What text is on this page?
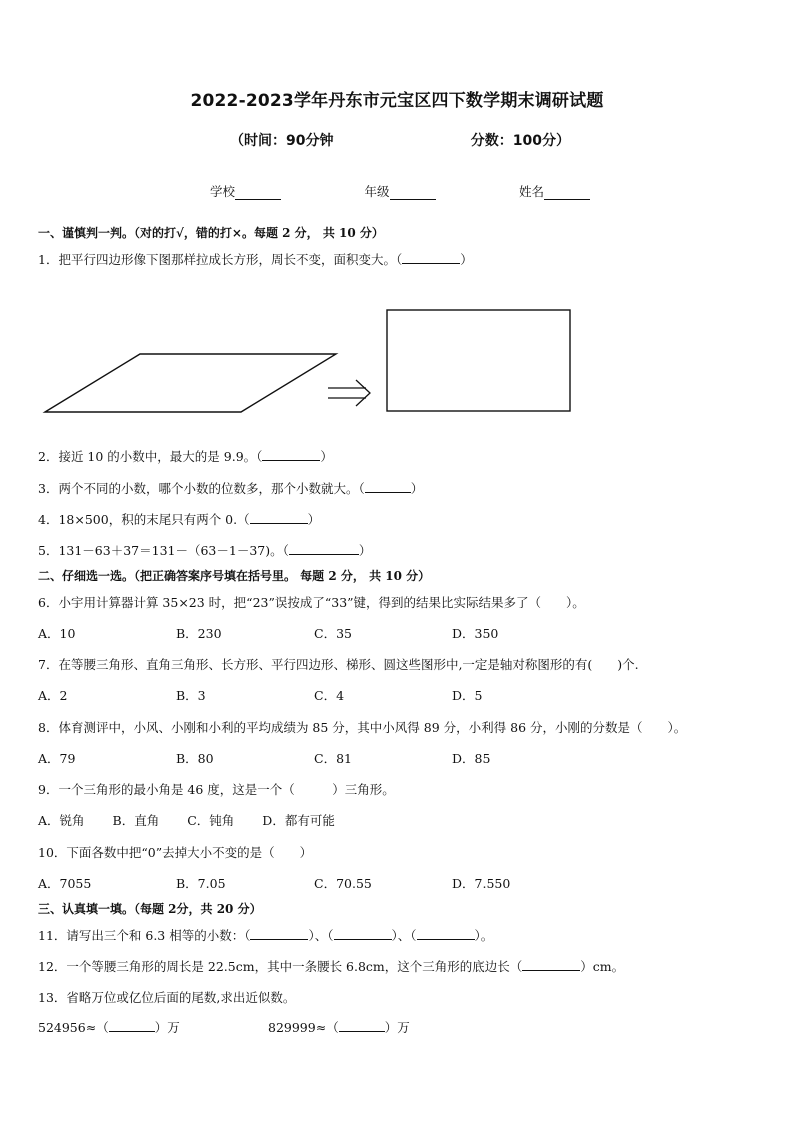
2022-2023学年丹东市元宝区四下数学期末调研试题
（时间：90分钟	分数：100分）
学校	年级	姓名
一、谨慎判一判。（对的打√，错的打×。每题 2 分， 共 10 分）
1．把平行四边形像下图那样拉成长方形，周长不变，面积变大。（	）
2．接近 10 的小数中，最大的是 9.9。（	）
3．两个不同的小数，哪个小数的位数多，那个小数就大。（	）
4．18×500，积的末尾只有两个 0.（	）
5．131－63＋37＝131－（63－1－37)。（	）
二、仔细选一选。（把正确答案序号填在括号里。 每题 2 分， 共 10 分）
6．小宇用计算器计算 35×23 时，把“23”误按成了“33”键，得到的结果比实际结果多了（　　）。
A．10	B．230	C．35	D．350
7．在等腰三角形、直角三角形、长方形、平行四边形、梯形、圆这些图形中,一定是轴对称图形的有(　　)个.
A．2	B．3	C．4	D．5
8．体育测评中，小风、小刚和小利的平均成绩为 85 分，其中小风得 89 分，小利得 86 分，小刚的分数是（　　）。
A．79	B．80	C．81	D．85
9．一个三角形的最小角是 46 度，这是一个（　　　）三角形。
A．锐角 B．直角 C．钝角 D．都有可能
10．下面各数中把“0”去掉大小不变的是（　　）
A．7055	B．7.05	C．70.55	D．7.550
三、认真填一填。（每题 2分，共 20 分）
11．请写出三个和 6.3 相等的小数：（	）、（	）、（	）。
12．一个等腰三角形的周长是 22.5cm，其中一条腰长 6.8cm，这个三角形的底边长（	）cm。
13．省略万位或亿位后面的尾数,求出近似数。
524956≈（	）万	829999≈（	）万
